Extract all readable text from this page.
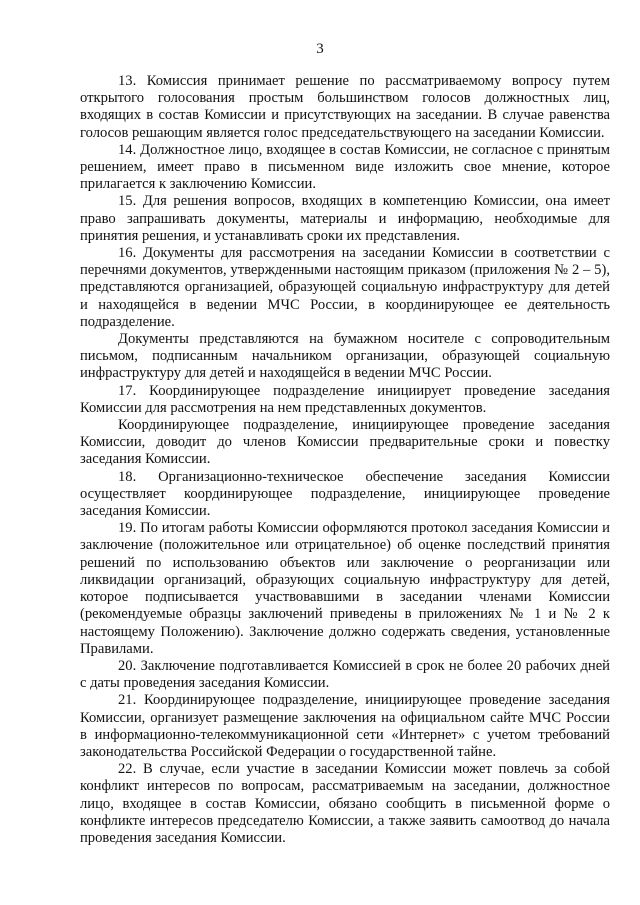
3

13. Комиссия принимает решение по рассматриваемому вопросу путем открытого голосования простым большинством голосов должностных лиц, входящих в состав Комиссии и присутствующих на заседании. В случае равенства голосов решающим является голос председательствующего на заседании Комиссии.

14. Должностное лицо, входящее в состав Комиссии, не согласное с принятым решением, имеет право в письменном виде изложить свое мнение, которое прилагается к заключению Комиссии.

15. Для решения вопросов, входящих в компетенцию Комиссии, она имеет право запрашивать документы, материалы и информацию, необходимые для принятия решения, и устанавливать сроки их представления.

16. Документы для рассмотрения на заседании Комиссии в соответствии с перечнями документов, утвержденными настоящим приказом (приложения № 2 – 5), представляются организацией, образующей социальную инфраструктуру для детей и находящейся в ведении МЧС России, в координирующее ее деятельность подразделение.

Документы представляются на бумажном носителе с сопроводительным письмом, подписанным начальником организации, образующей социальную инфраструктуру для детей и находящейся в ведении МЧС России.

17. Координирующее подразделение инициирует проведение заседания Комиссии для рассмотрения на нем представленных документов.

Координирующее подразделение, инициирующее проведение заседания Комиссии, доводит до членов Комиссии предварительные сроки и повестку заседания Комиссии.

18. Организационно-техническое обеспечение заседания Комиссии осуществляет координирующее подразделение, инициирующее проведение заседания Комиссии.

19. По итогам работы Комиссии оформляются протокол заседания Комиссии и заключение (положительное или отрицательное) об оценке последствий принятия решений по использованию объектов или заключение о реорганизации или ликвидации организаций, образующих социальную инфраструктуру для детей, которое подписывается участвовавшими в заседании членами Комиссии (рекомендуемые образцы заключений приведены в приложениях № 1 и № 2 к настоящему Положению). Заключение должно содержать сведения, установленные Правилами.

20. Заключение подготавливается Комиссией в срок не более 20 рабочих дней с даты проведения заседания Комиссии.

21. Координирующее подразделение, инициирующее проведение заседания Комиссии, организует размещение заключения на официальном сайте МЧС России в информационно-телекоммуникационной сети «Интернет» с учетом требований законодательства Российской Федерации о государственной тайне.

22. В случае, если участие в заседании Комиссии может повлечь за собой конфликт интересов по вопросам, рассматриваемым на заседании, должностное лицо, входящее в состав Комиссии, обязано сообщить в письменной форме о конфликте интересов председателю Комиссии, а также заявить самоотвод до начала проведения заседания Комиссии.
